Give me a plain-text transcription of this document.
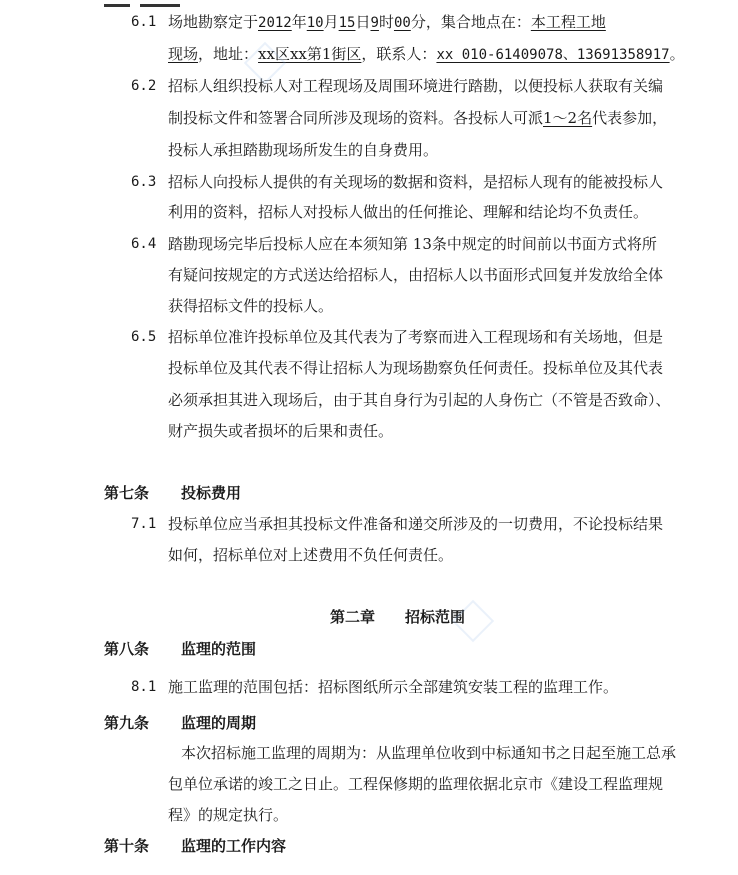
6.1 场地勘察定于2012年10月15日9时00分，集合地点在：本工程工地
现场，地址：xx区xx第1街区，联系人：xx 010-61409078、13691358917。
6.2 招标人组织投标人对工程现场及周围环境进行踏勘，以便投标人获取有关编
制投标文件和签署合同所涉及现场的资料。各投标人可派1～2名代表参加，
投标人承担踏勘现场所发生的自身费用。
6.3 招标人向投标人提供的有关现场的数据和资料，是招标人现有的能被投标人
利用的资料，招标人对投标人做出的任何推论、理解和结论均不负责任。
6.4 踏勘现场完毕后投标人应在本须知第 13条中规定的时间前以书面方式将所
有疑问按规定的方式送达给招标人，由招标人以书面形式回复并发放给全体
获得招标文件的投标人。
6.5 招标单位准许投标单位及其代表为了考察而进入工程现场和有关场地，但是
投标单位及其代表不得让招标人为现场勘察负任何责任。投标单位及其代表
必须承担其进入现场后，由于其自身行为引起的人身伤亡（不管是否致命）、
财产损失或者损坏的后果和责任。
第七条 投标费用
7.1 投标单位应当承担其投标文件准备和递交所涉及的一切费用，不论投标结果
如何，招标单位对上述费用不负任何责任。
第二章 招标范围
第八条 监理的范围
8.1 施工监理的范围包括：招标图纸所示全部建筑安装工程的监理工作。
第九条 监理的周期
本次招标施工监理的周期为：从监理单位收到中标通知书之日起至施工总承
包单位承诺的竣工之日止。工程保修期的监理依据北京市《建设工程监理规
程》的规定执行。
第十条 监理的工作内容
